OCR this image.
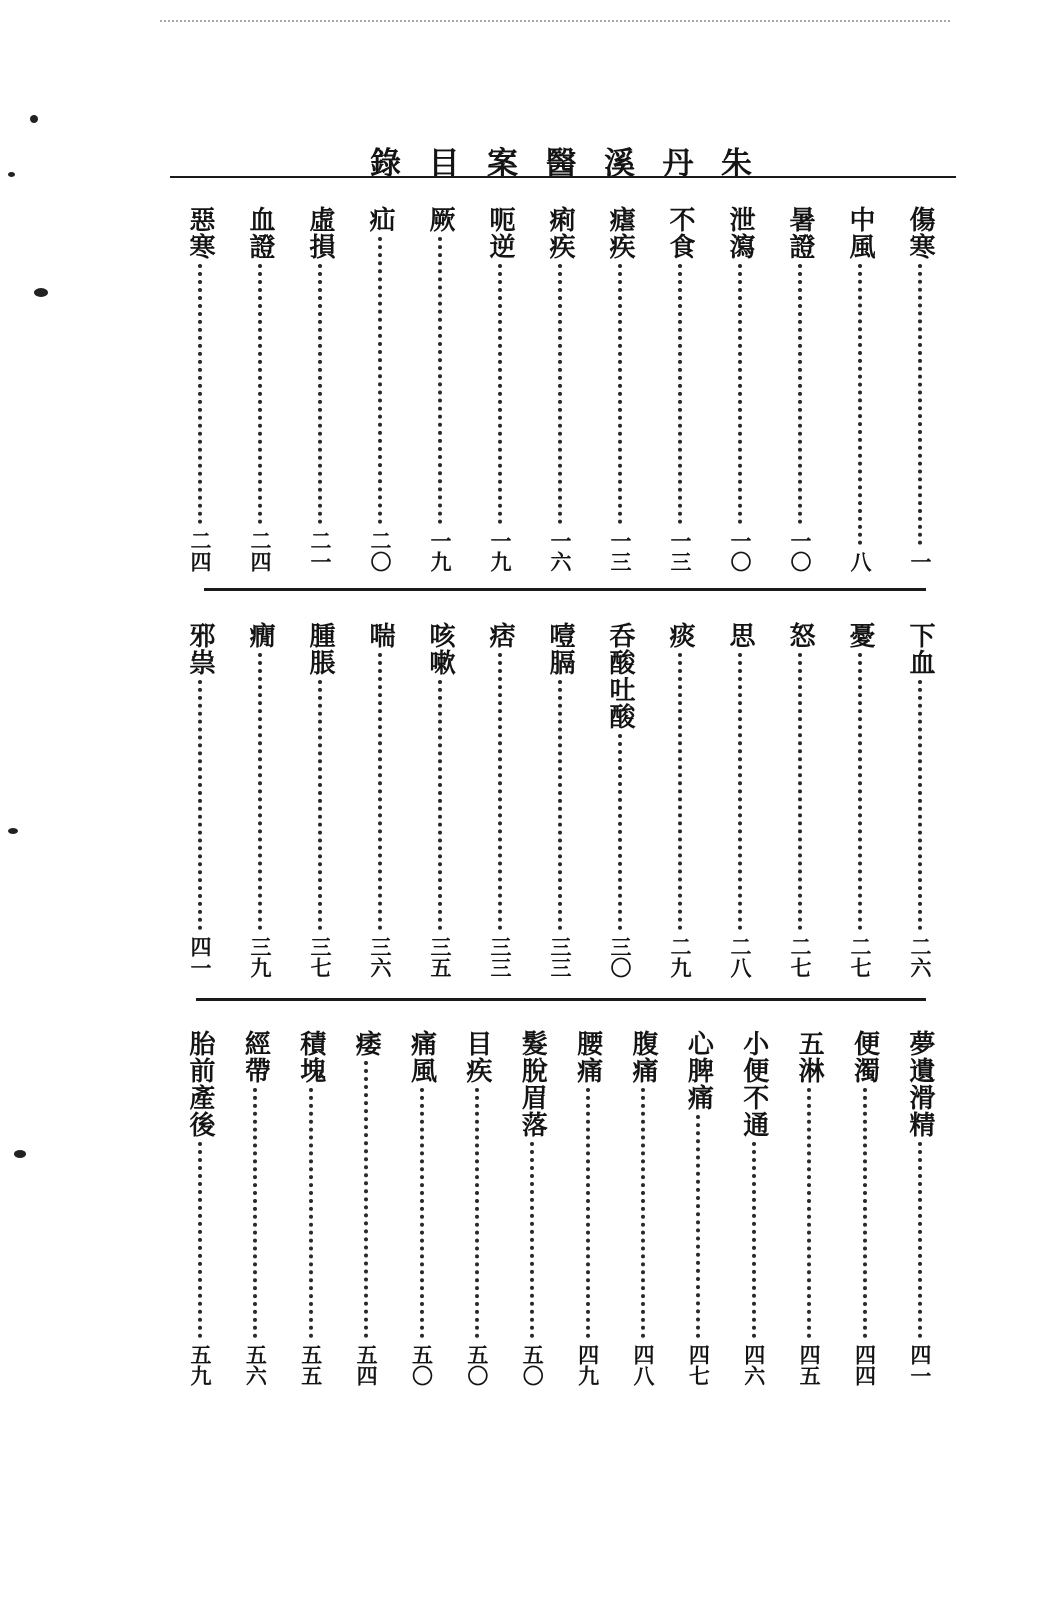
朱
丹
溪
醫
案
目
錄
傷寒
一
中風
八
暑證
一〇
泄瀉
一〇
不食
一三
瘧疾
一三
痢疾
一六
呃逆
一九
厥
一九
疝
二〇
虛損
二一
血證
二四
惡寒
二四
下血
二六
憂
二七
怒
二七
思
二八
痰
二九
呑酸吐酸
三〇
噎膈
三三
痞
三三
咳嗽
三五
喘
三六
腫脹
三七
癇
三九
邪祟
四一
夢遺滑精
四一
便濁
四四
五淋
四五
小便不通
四六
心脾痛
四七
腹痛
四八
腰痛
四九
髮脫眉落
五〇
目疾
五〇
痛風
五〇
痿
五四
積塊
五五
經帶
五六
胎前產後
五九
